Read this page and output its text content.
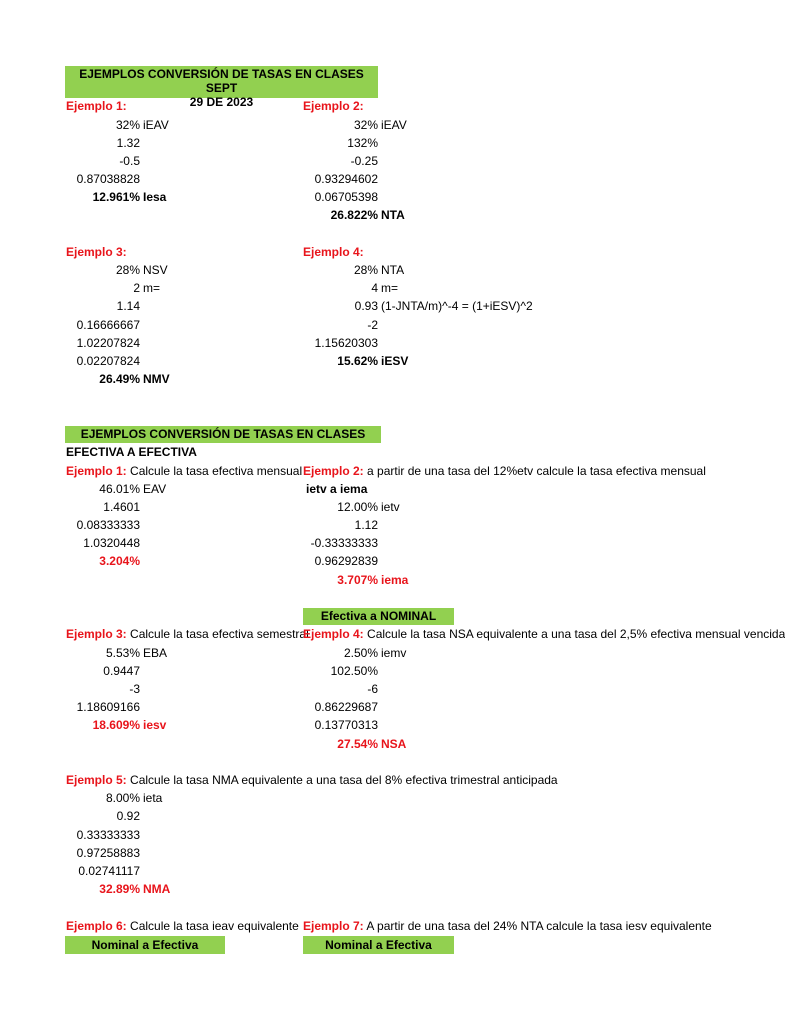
EJEMPLOS CONVERSIÓN DE TASAS EN CLASES SEPT
29 DE 2023
Ejemplo 1:
32% iEAV
1.32
-0.5
0.87038828
12.961% Iesa
Ejemplo 2:
32% iEAV
132%
-0.25
0.93294602
0.06705398
26.822% NTA
Ejemplo 3:
28% NSV
2 m=
1.14
0.16666667
1.02207824
0.02207824
26.49% NMV
Ejemplo 4:
28% NTA
4 m=
0.93 (1-JNTA/m)^-4 = (1+iESV)^2
-2
1.15620303
15.62% iESV
EJEMPLOS CONVERSIÓN DE TASAS EN CLASES
EFECTIVA A EFECTIVA
Ejemplo 1: Calcule la tasa efectiva mensual
46.01% EAV
1.4601
0.08333333
1.0320448
3.204%
Ejemplo 2: a partir de una tasa del 12%etv calcule la tasa efectiva mensual
ietv a iema
12.00% ietv
1.12
-0.33333333
0.96292839
3.707% iema
Efectiva a NOMINAL
Ejemplo 3: Calcule la tasa efectiva semestral
5.53% EBA
0.9447
-3
1.18609166
18.609% iesv
Ejemplo 4: Calcule la tasa NSA equivalente a una tasa del 2,5% efectiva mensual vencida
2.50% iemv
102.50%
-6
0.86229687
0.13770313
27.54% NSA
Ejemplo 5: Calcule la tasa NMA equivalente a una tasa del 8% efectiva trimestral anticipada
8.00% ieta
0.92
0.33333333
0.97258883
0.02741117
32.89% NMA
Ejemplo 6: Calcule la tasa ieav equivalente Ejemplo 7: A partir de una tasa del 24% NTA calcule la tasa iesv equivalente
Nominal a Efectiva	Nominal a Efectiva
